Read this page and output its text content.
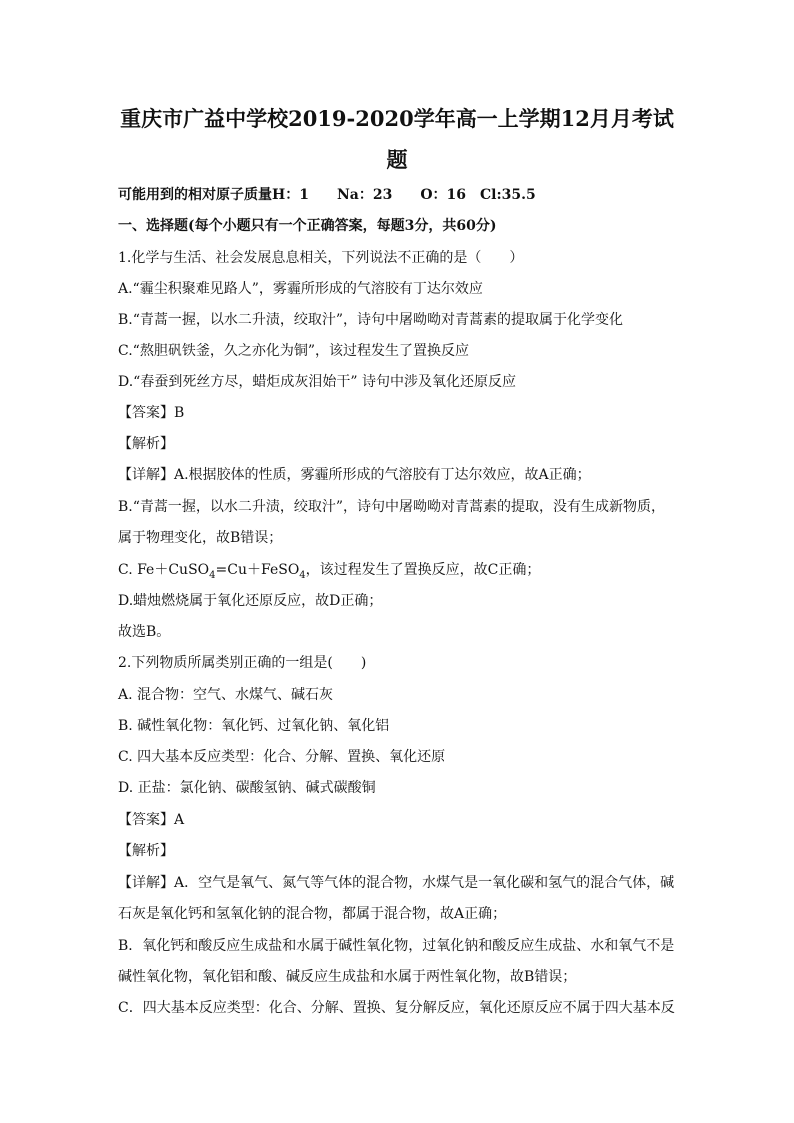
重庆市广益中学校2019-2020学年高一上学期12月月考试
题
可能用到的相对原子质量H：1　　Na：23　　O：16　Cl:35.5
一、选择题(每个小题只有一个正确答案，每题3分，共60分)
1.化学与生活、社会发展息息相关，下列说法不正确的是（　　）
A.“霾尘积聚难见路人”，雾霾所形成的气溶胶有丁达尔效应
B.“青蒿一握，以水二升渍，绞取汁”，诗句中屠呦呦对青蒿素的提取属于化学变化
C.“熬胆矾铁釜，久之亦化为铜”，该过程发生了置换反应
D.“春蚕到死丝方尽，蜡炬成灰泪始干” 诗句中涉及氧化还原反应
【答案】B
【解析】
【详解】A.根据胶体的性质，雾霾所形成的气溶胶有丁达尔效应，故A正确；
B.“青蒿一握，以水二升渍，绞取汁”，诗句中屠呦呦对青蒿素的提取，没有生成新物质，
属于物理变化，故B错误；
C. Fe＋CuSO$_4$=Cu＋FeSO$_4$，该过程发生了置换反应，故C正确；
D.蜡烛燃烧属于氧化还原反应，故D正确；
故选B。
2.下列物质所属类别正确的一组是(　　)
A. 混合物：空气、水煤气、碱石灰
B. 碱性氧化物：氧化钙、过氧化钠、氧化铝
C. 四大基本反应类型：化合、分解、置换、氧化还原
D. 正盐：氯化钠、碳酸氢钠、碱式碳酸铜
【答案】A
【解析】
【详解】A．空气是氧气、氮气等气体的混合物，水煤气是一氧化碳和氢气的混合气体，碱
石灰是氧化钙和氢氧化钠的混合物，都属于混合物，故A正确；
B．氧化钙和酸反应生成盐和水属于碱性氧化物，过氧化钠和酸反应生成盐、水和氧气不是
碱性氧化物，氧化铝和酸、碱反应生成盐和水属于两性氧化物，故B错误；
C．四大基本反应类型：化合、分解、置换、复分解反应，氧化还原反应不属于四大基本反
